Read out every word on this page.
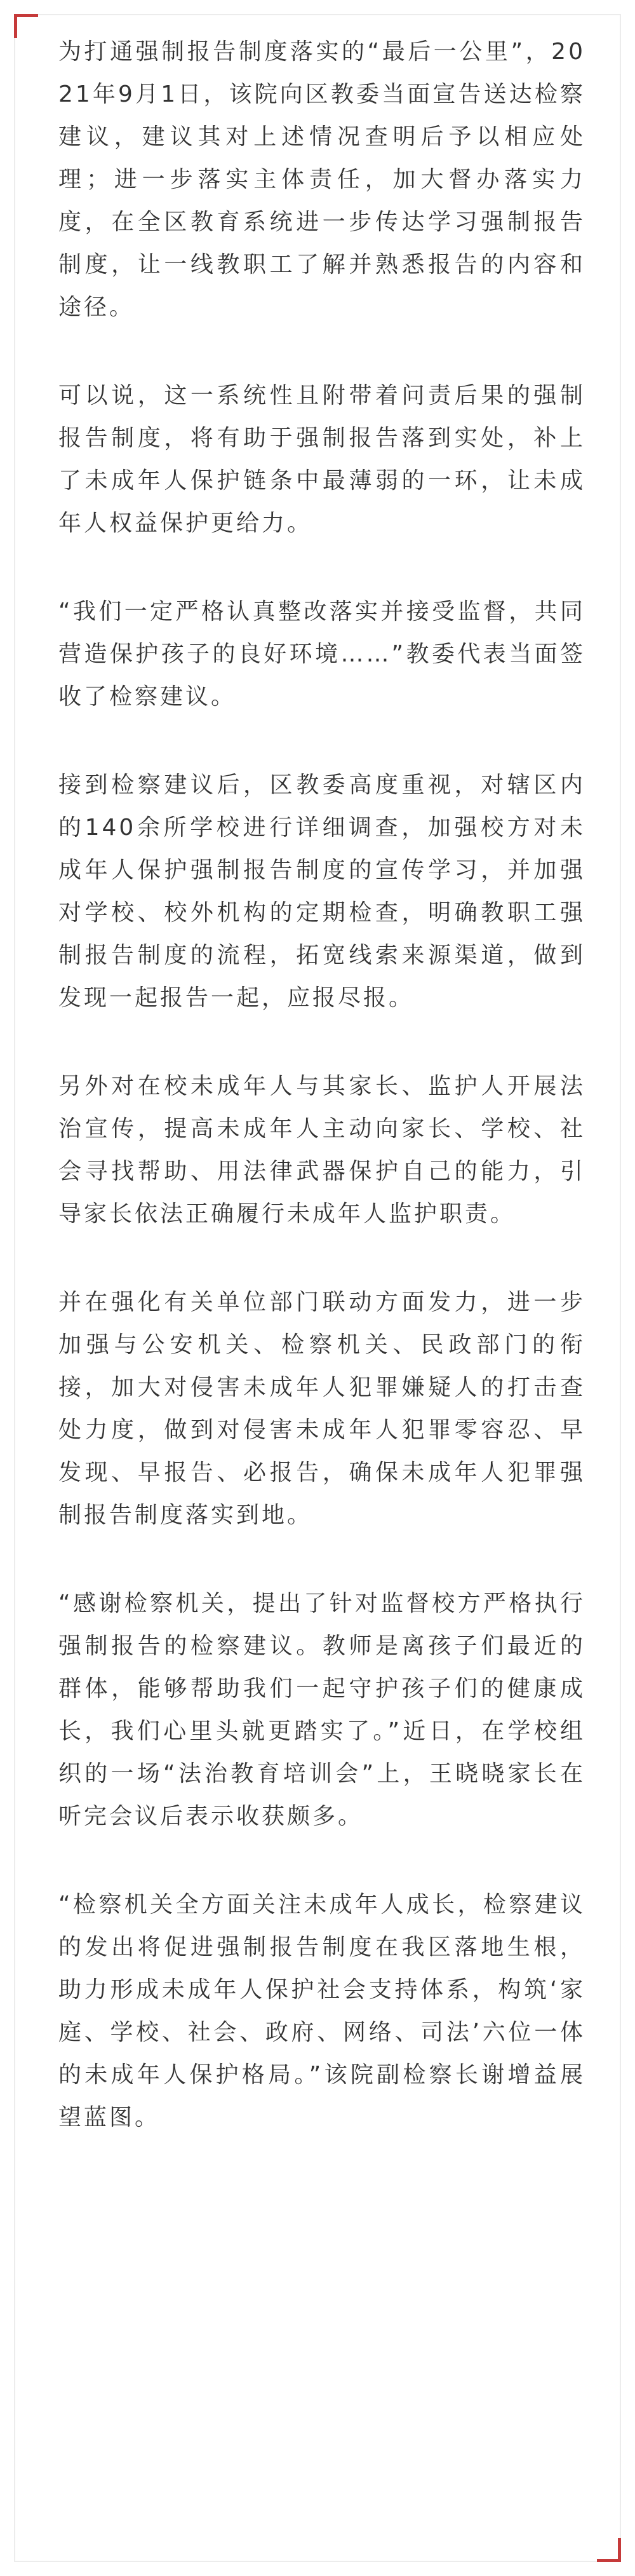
为打通强制报告制度落实的“最后一公里”，2021年9月1日，该院向区教委当面宣告送达检察建议，建议其对上述情况查明后予以相应处理；进一步落实主体责任，加大督办落实力度，在全区教育系统进一步传达学习强制报告制度，让一线教职工了解并熟悉报告的内容和途径。

可以说，这一系统性且附带着问责后果的强制报告制度，将有助于强制报告落到实处，补上了未成年人保护链条中最薄弱的一环，让未成年人权益保护更给力。

“我们一定严格认真整改落实并接受监督，共同营造保护孩子的良好环境……”教委代表当面签收了检察建议。

接到检察建议后，区教委高度重视，对辖区内的140余所学校进行详细调查，加强校方对未成年人保护强制报告制度的宣传学习，并加强对学校、校外机构的定期检查，明确教职工强制报告制度的流程，拓宽线索来源渠道，做到发现一起报告一起，应报尽报。

另外对在校未成年人与其家长、监护人开展法治宣传，提高未成年人主动向家长、学校、社会寻找帮助、用法律武器保护自己的能力，引导家长依法正确履行未成年人监护职责。

并在强化有关单位部门联动方面发力，进一步加强与公安机关、检察机关、民政部门的衔接，加大对侵害未成年人犯罪嫌疑人的打击查处力度，做到对侵害未成年人犯罪零容忍、早发现、早报告、必报告，确保未成年人犯罪强制报告制度落实到地。

“感谢检察机关，提出了针对监督校方严格执行强制报告的检察建议。教师是离孩子们最近的群体，能够帮助我们一起守护孩子们的健康成长，我们心里头就更踏实了。”近日，在学校组织的一场“法治教育培训会”上，王晓晓家长在听完会议后表示收获颇多。

“检察机关全方面关注未成年人成长，检察建议的发出将促进强制报告制度在我区落地生根，助力形成未成年人保护社会支持体系，构筑‘家庭、学校、社会、政府、网络、司法’六位一体的未成年人保护格局。”该院副检察长谢增益展望蓝图。
